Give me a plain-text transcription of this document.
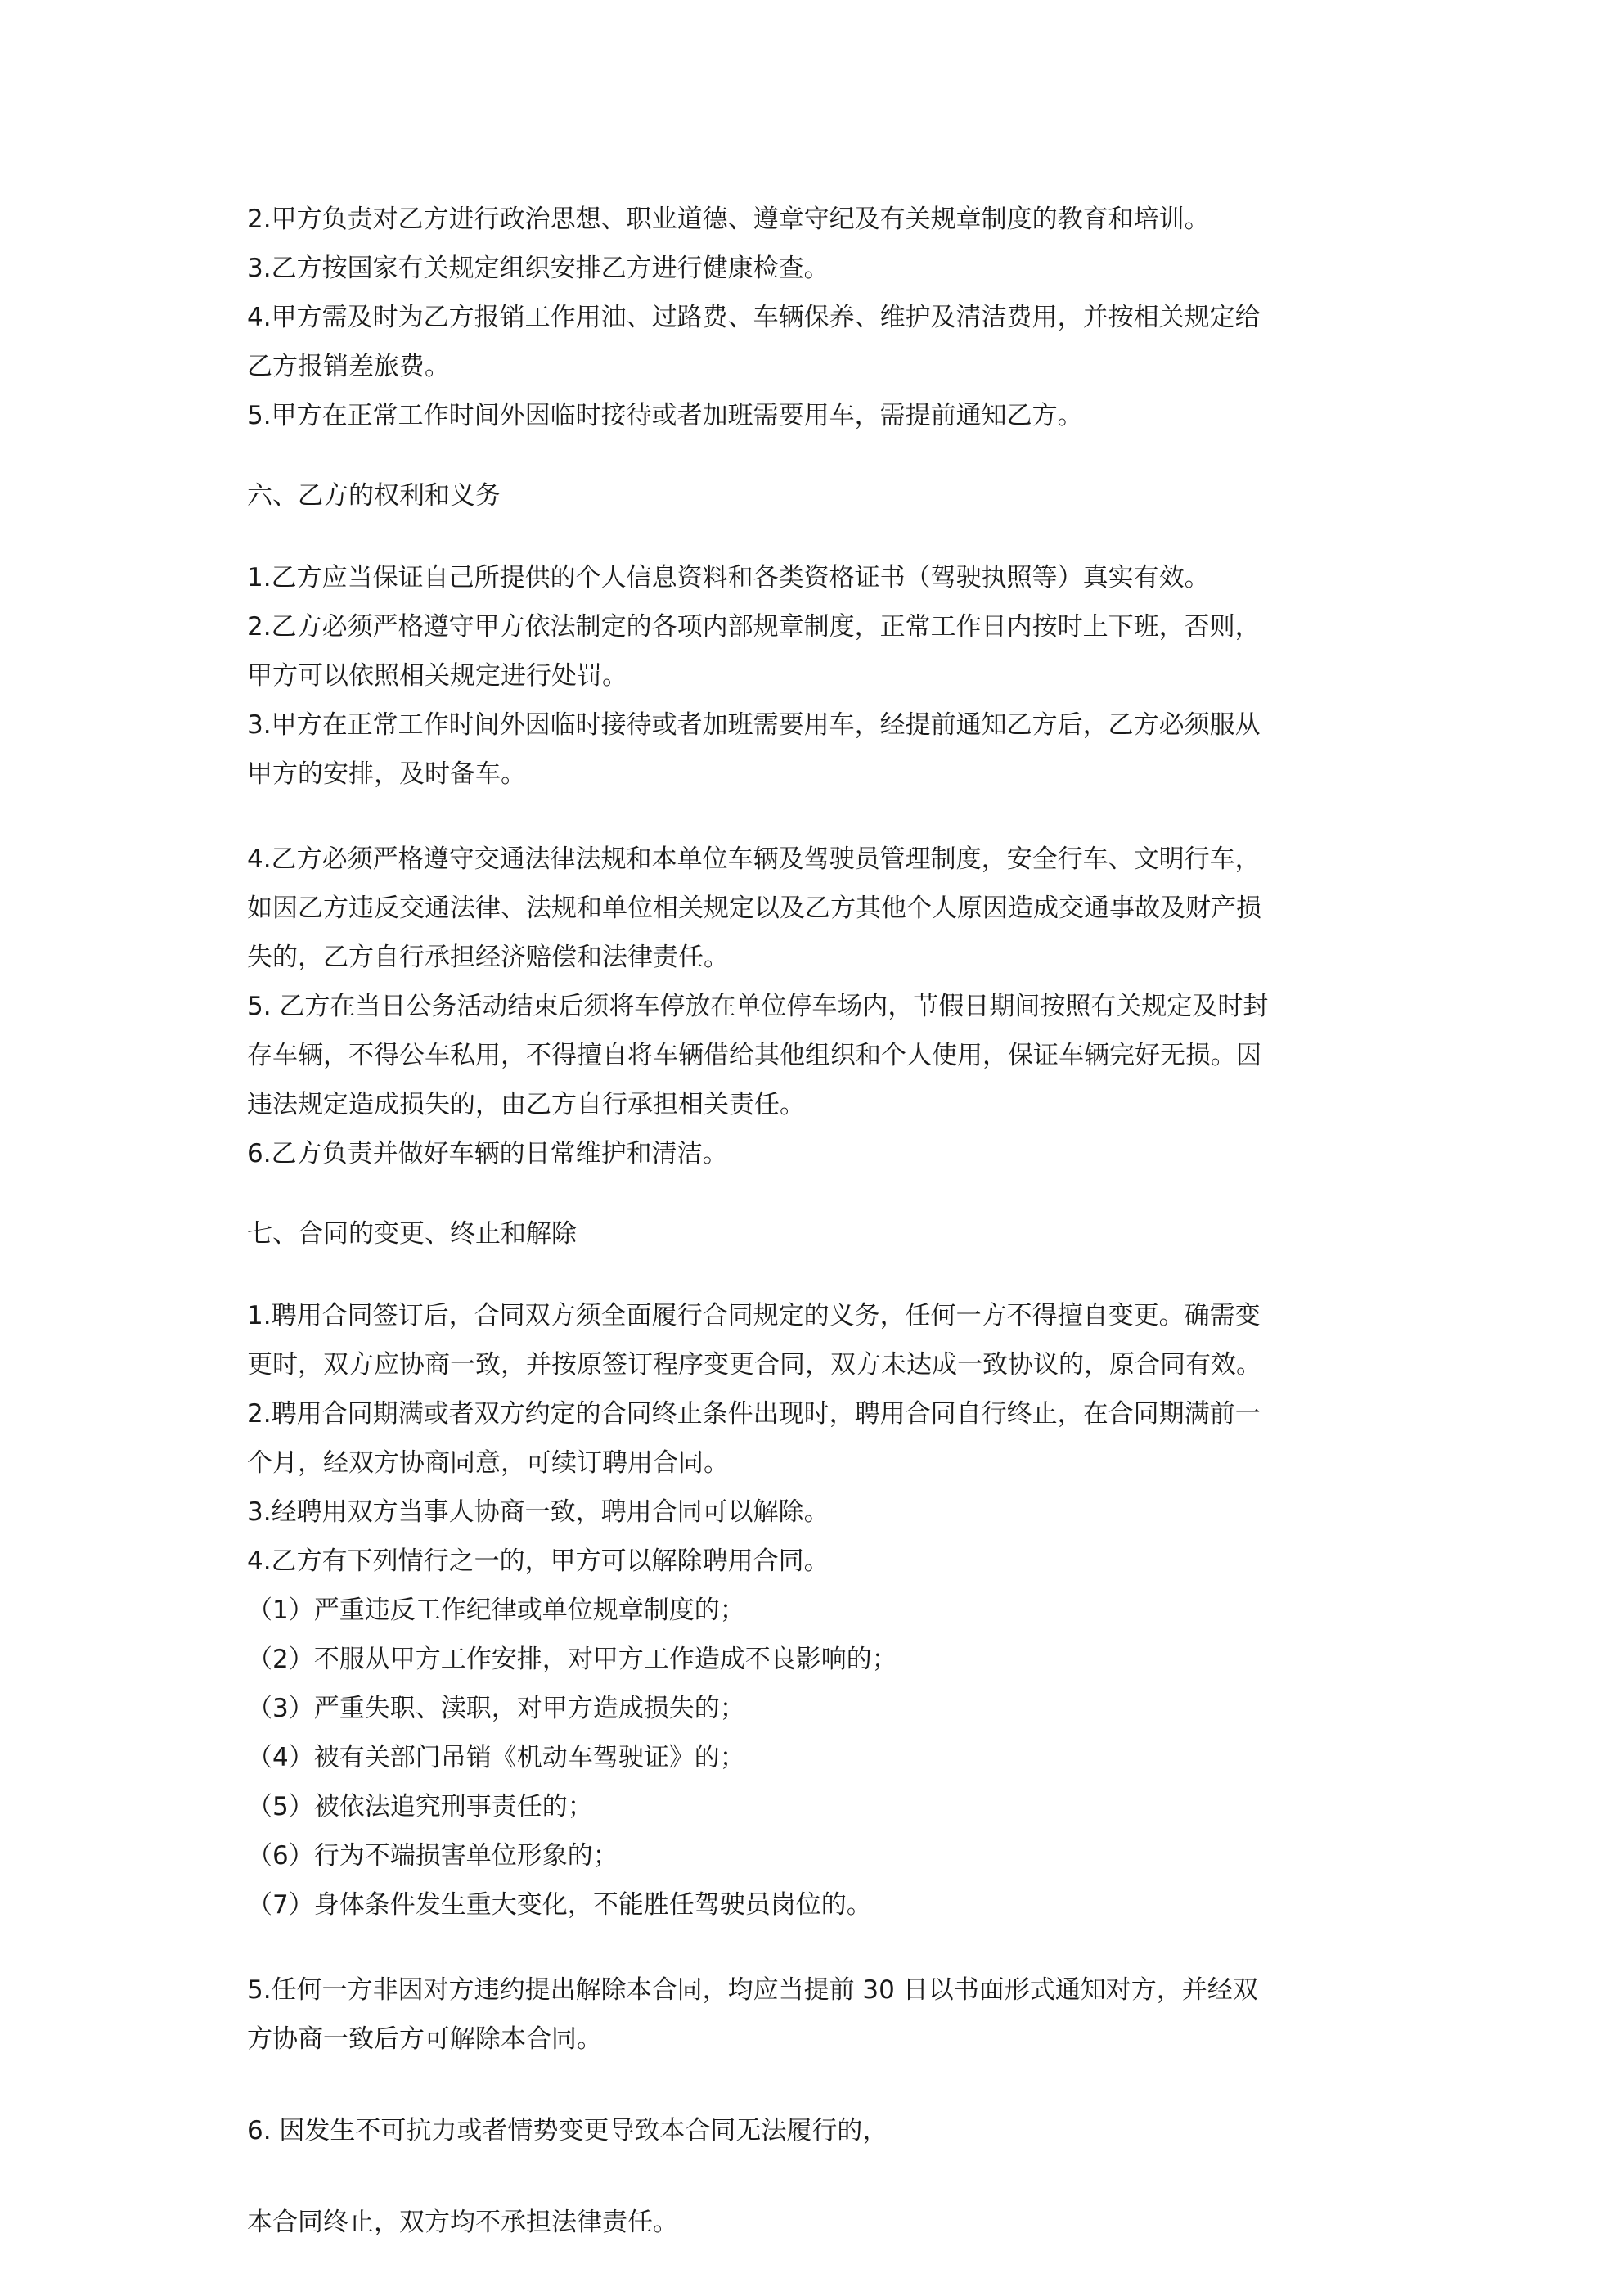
2.甲方负责对乙方进行政治思想、职业道德、遵章守纪及有关规章制度的教育和培训。
3.乙方按国家有关规定组织安排乙方进行健康检查。
4.甲方需及时为乙方报销工作用油、过路费、车辆保养、维护及清洁费用，并按相关规定给
乙方报销差旅费。
5.甲方在正常工作时间外因临时接待或者加班需要用车，需提前通知乙方。
六、乙方的权利和义务
1.乙方应当保证自己所提供的个人信息资料和各类资格证书（驾驶执照等）真实有效。
2.乙方必须严格遵守甲方依法制定的各项内部规章制度，正常工作日内按时上下班，否则，
甲方可以依照相关规定进行处罚。
3.甲方在正常工作时间外因临时接待或者加班需要用车，经提前通知乙方后，乙方必须服从
甲方的安排，及时备车。
4.乙方必须严格遵守交通法律法规和本单位车辆及驾驶员管理制度，安全行车、文明行车，
如因乙方违反交通法律、法规和单位相关规定以及乙方其他个人原因造成交通事故及财产损
失的，乙方自行承担经济赔偿和法律责任。
5. 乙方在当日公务活动结束后须将车停放在单位停车场内，节假日期间按照有关规定及时封
存车辆，不得公车私用，不得擅自将车辆借给其他组织和个人使用，保证车辆完好无损。因
违法规定造成损失的，由乙方自行承担相关责任。
6.乙方负责并做好车辆的日常维护和清洁。
七、合同的变更、终止和解除
1.聘用合同签订后，合同双方须全面履行合同规定的义务，任何一方不得擅自变更。确需变
更时，双方应协商一致，并按原签订程序变更合同，双方未达成一致协议的，原合同有效。
2.聘用合同期满或者双方约定的合同终止条件出现时，聘用合同自行终止，在合同期满前一
个月，经双方协商同意，可续订聘用合同。
3.经聘用双方当事人协商一致，聘用合同可以解除。
4.乙方有下列情行之一的，甲方可以解除聘用合同。
（1）严重违反工作纪律或单位规章制度的；
（2）不服从甲方工作安排，对甲方工作造成不良影响的；
（3）严重失职、渎职，对甲方造成损失的；
（4）被有关部门吊销《机动车驾驶证》的；
（5）被依法追究刑事责任的；
（6）行为不端损害单位形象的；
（7）身体条件发生重大变化，不能胜任驾驶员岗位的。
5.任何一方非因对方违约提出解除本合同，均应当提前 30 日以书面形式通知对方，并经双
方协商一致后方可解除本合同。
6. 因发生不可抗力或者情势变更导致本合同无法履行的，
本合同终止，双方均不承担法律责任。
